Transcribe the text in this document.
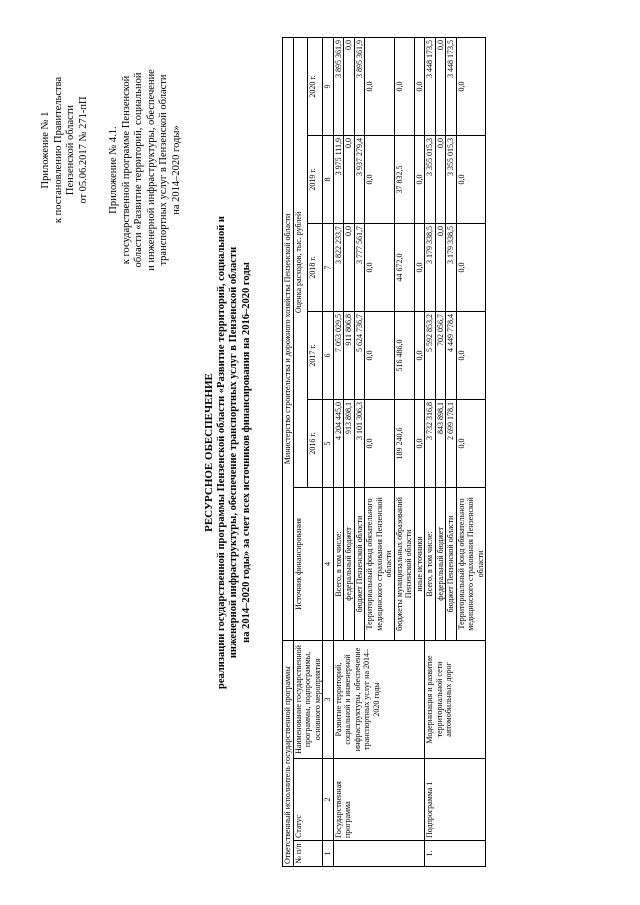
Приложение № 1 к постановлению Правительства Пензенской области от 05.06.2017 № 271-пП Приложение № 4.1. к государственной программе Пензенской области «Развитие территорий, социальной и инженерной инфраструктуры, обеспечение транспортных услуг в Пензенской области на 2014–2020 годы»
РЕСУРСНОЕ ОБЕСПЕЧЕНИЕ реализации государственной программы Пензенской области «Развитие территорий, социальной и инженерной инфраструктуры, обеспечение транспортных услуг в Пензенской области на 2014–2020 годы» за счет всех источников финансирования на 2016–2020 годы
Ответственный исполнитель государственной программы			Министерство строительства и дорожного хозяйства Пензенской области					
№ п/п	Статус	Наименование государственной программы, подпрограммы, основного мероприятия	Источник финансирования	Оценка расходов, тыс. рублей				
				2016 г.	2017 г.	2018 г.	2019 г.	2020 г.
1	2	3	4	5	6	7	8	9
	Государственная программа	Развитие территорий, социальной и инженерной инфраструктуры, обеспечение транспортных услуг на 2014–2020 годы	Всего, в том числе:	4 204 445,0	7 053 029,5	3 822 233,7	3 975 111,9	3 895 361,9
			федеральный бюджет	913 898,1	911 806,8	0,0	0,0	0,0
			бюджет Пензенской области	3 101 306,3	5 624 736,7	3 777 561,7	3 937 279,4	3 895 361,9
			Территориальный фонд обязательного медицинского страхования Пензенской области	0,0	0,0	0,0	0,0	0,0
			бюджеты муниципальных образований Пензенской области	189 240,6	516 486,0	44 672,0	37 832,5	0,0
			иные источники	0,0	0,0	0,0	0,0	0,0
1.	Подпрограмма 1	Модернизация и развитие территориальной сети автомобильных дорог	Всего, в том числе:	3 732 316,8	5 592 853,2	3 179 338,5	3 355 015,3	3 448 173,5
			федеральный бюджет	843 898,1	702 056,7	0,0	0,0	0,0
			бюджет Пензенской области	2 699 178,1	4 449 778,4	3 179 338,5	3 355 015,3	3 448 173,5
			Территориальный фонд обязательного медицинского страхования Пензенской области	0,0	0,0	0,0	0,0	0,0
